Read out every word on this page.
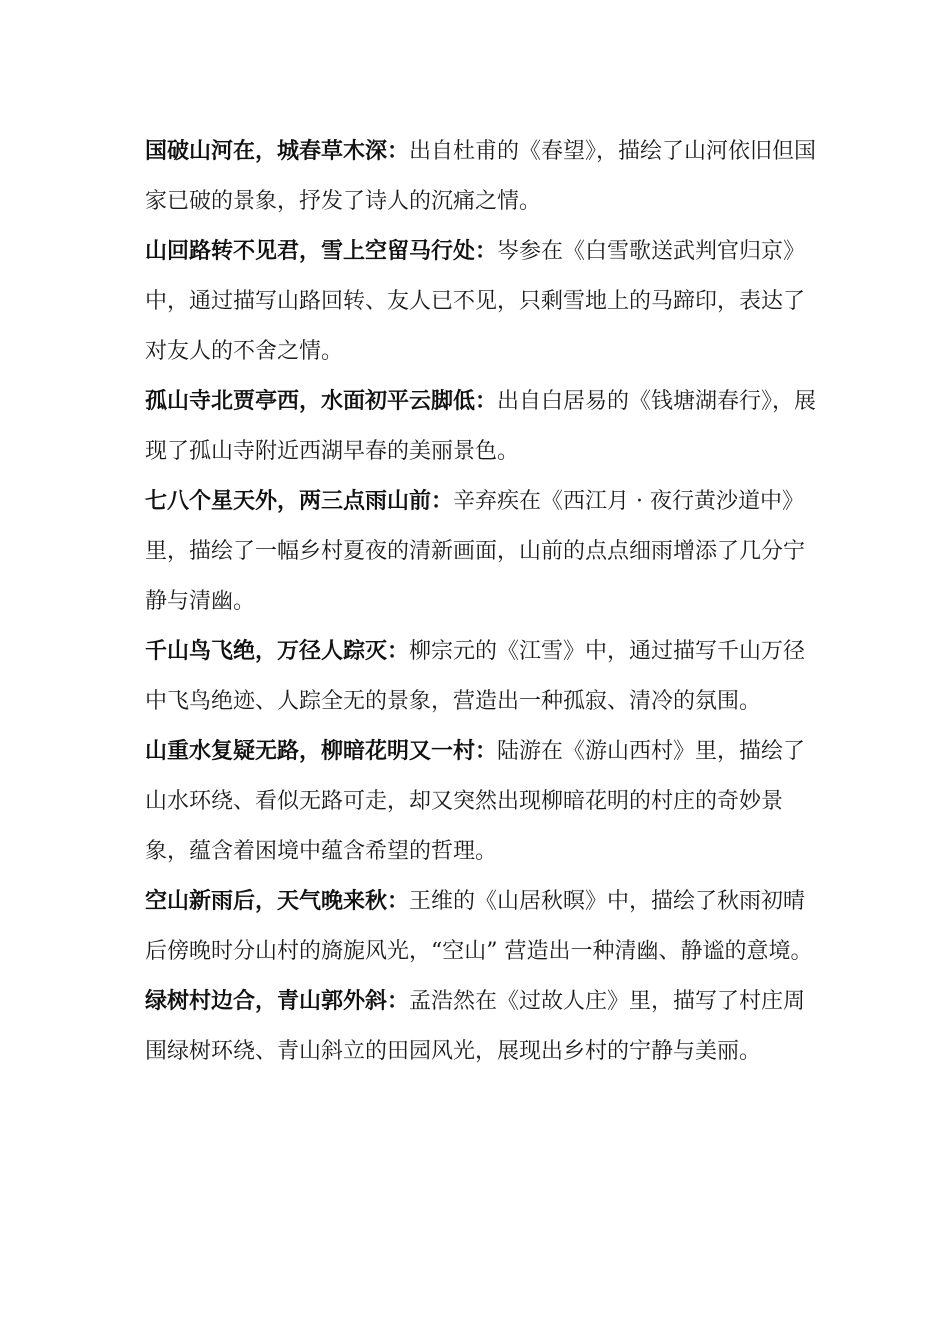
国破山河在，城春草木深：出自杜甫的《春望》，描绘了山河依旧但国家已破的景象，抒发了诗人的沉痛之情。

山回路转不见君，雪上空留马行处：岑参在《白雪歌送武判官归京》中，通过描写山路回转、友人已不见，只剩雪地上的马蹄印，表达了对友人的不舍之情。

孤山寺北贾亭西，水面初平云脚低：出自白居易的《钱塘湖春行》，展现了孤山寺附近西湖早春的美丽景色。

七八个星天外，两三点雨山前：辛弃疾在《西江月 · 夜行黄沙道中》里，描绘了一幅乡村夏夜的清新画面，山前的点点细雨增添了几分宁静与清幽。

千山鸟飞绝，万径人踪灭：柳宗元的《江雪》中，通过描写千山万径中飞鸟绝迹、人踪全无的景象，营造出一种孤寂、清冷的氛围。

山重水复疑无路，柳暗花明又一村：陆游在《游山西村》里，描绘了山水环绕、看似无路可走，却又突然出现柳暗花明的村庄的奇妙景象，蕴含着困境中蕴含希望的哲理。

空山新雨后，天气晚来秋：王维的《山居秋暝》中，描绘了秋雨初晴后傍晚时分山村的旖旎风光，“空山” 营造出一种清幽、静谧的意境。

绿树村边合，青山郭外斜：孟浩然在《过故人庄》里，描写了村庄周围绿树环绕、青山斜立的田园风光，展现出乡村的宁静与美丽。
